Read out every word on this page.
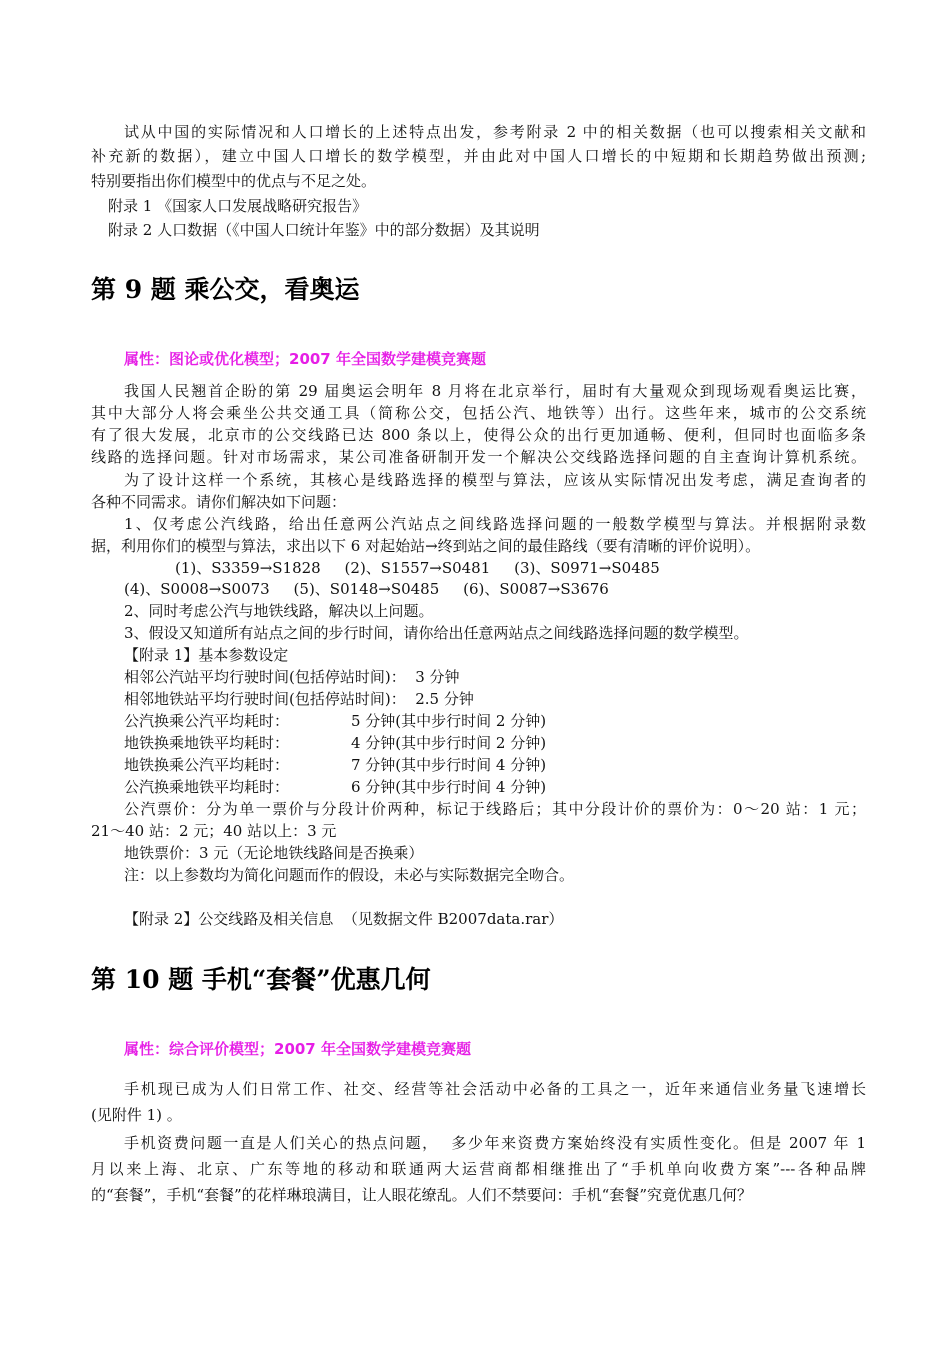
试从中国的实际情况和人口增长的上述特点出发，参考附录 2 中的相关数据（也可以搜索相关文献和
补充新的数据），建立中国人口增长的数学模型，并由此对中国人口增长的中短期和长期趋势做出预测;
特别要指出你们模型中的优点与不足之处。
附录 1 《国家人口发展战略研究报告》
附录 2 人口数据（《中国人口统计年鉴》中的部分数据）及其说明
第 9 题 乘公交，看奥运
属性：图论或优化模型；2007 年全国数学建模竞赛题
我国人民翘首企盼的第 29 届奥运会明年 8 月将在北京举行，届时有大量观众到现场观看奥运比赛，
其中大部分人将会乘坐公共交通工具（简称公交，包括公汽、地铁等）出行。这些年来，城市的公交系统
有了很大发展，北京市的公交线路已达 800 条以上，使得公众的出行更加通畅、便利，但同时也面临多条
线路的选择问题。针对市场需求，某公司准备研制开发一个解决公交线路选择问题的自主查询计算机系统。
为了设计这样一个系统，其核心是线路选择的模型与算法，应该从实际情况出发考虑，满足查询者的
各种不同需求。请你们解决如下问题：
1、仅考虑公汽线路，给出任意两公汽站点之间线路选择问题的一般数学模型与算法。并根据附录数
据，利用你们的模型与算法，求出以下 6 对起始站→终到站之间的最佳路线（要有清晰的评价说明）。
(1)、S3359→S1828     (2)、S1557→S0481     (3)、S0971→S0485
(4)、S0008→S0073     (5)、S0148→S0485     (6)、S0087→S3676
2、同时考虑公汽与地铁线路，解决以上问题。
3、假设又知道所有站点之间的步行时间，请你给出任意两站点之间线路选择问题的数学模型。
【附录 1】基本参数设定
相邻公汽站平均行驶时间(包括停站时间)：  3 分钟
相邻地铁站平均行驶时间(包括停站时间)：  2.5 分钟
公汽换乘公汽平均耗时：             5 分钟(其中步行时间 2 分钟)
地铁换乘地铁平均耗时：             4 分钟(其中步行时间 2 分钟)
地铁换乘公汽平均耗时：             7 分钟(其中步行时间 4 分钟)
公汽换乘地铁平均耗时：             6 分钟(其中步行时间 4 分钟)
公汽票价：分为单一票价与分段计价两种，标记于线路后；其中分段计价的票价为：0～20 站：1 元；
21～40 站：2 元；40 站以上：3 元
地铁票价：3 元（无论地铁线路间是否换乘）
注：以上参数均为简化问题而作的假设，未必与实际数据完全吻合。
【附录 2】公交线路及相关信息  （见数据文件 B2007data.rar）
第 10 题 手机“套餐”优惠几何
属性：综合评价模型；2007 年全国数学建模竞赛题
手机现已成为人们日常工作、社交、经营等社会活动中必备的工具之一，近年来通信业务量飞速增长
(见附件 1) 。
手机资费问题一直是人们关心的热点问题，  多少年来资费方案始终没有实质性变化。但是 2007 年 1
月以来上海、北京、广东等地的移动和联通两大运营商都相继推出了“手机单向收费方案”---各种品牌
的“套餐”，手机“套餐”的花样琳琅满目，让人眼花缭乱。人们不禁要问：手机“套餐”究竟优惠几何？
